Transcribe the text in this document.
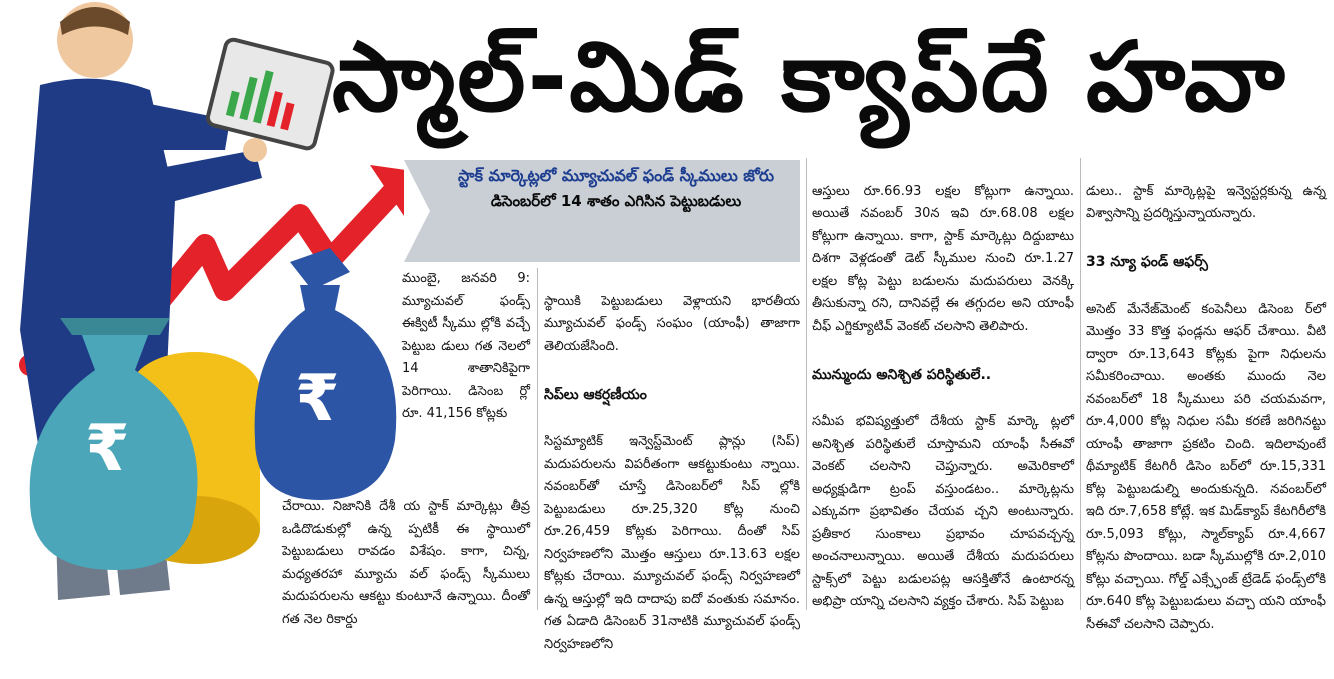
₹
₹
స్మాల్-మిడ్ క్యాప్‌దే హవా

స్టాక్ మార్కెట్లలో మ్యూచువల్ ఫండ్ స్కీములు జోరు

డిసెంబర్‌లో 14 శాతం ఎగిసిన పెట్టుబడులు

ముంబై, జనవరి 9: మ్యూచువల్ ఫండ్స్ ఈక్విటీ స్కీము ల్లోకి వచ్చే పెట్టుబ డులు గత నెలలో 14 శాతానికిపైగా పెరిగాయి. డిసెంబ ర్లో రూ. 41,156 కోట్లకు

చేరాయి. నిజానికి దేశీ య స్టాక్ మార్కెట్లు తీవ్ర ఒడిదొడుకుల్లో ఉన్న ప్పటికీ ఈ స్థాయిలో పెట్టుబడులు రావడం విశేషం. కాగా, చిన్న, మధ్యతరహా మ్యూచు వల్ ఫండ్స్ స్కీములు మదుపరులను ఆకట్టు కుంటూనే ఉన్నాయి. దీంతో గత నెల రికార్డు

స్థాయికి పెట్టుబడులు వెళ్లాయని భారతీయ మ్యూచువల్ ఫండ్స్ సంఘం (యాంఫీ) తాజాగా తెలియజేసింది.

సిప్‌లు ఆకర్షణీయం

సిస్టమ్యాటిక్ ఇన్వెస్ట్‌మెంట్ ప్లాన్లు (సిప్) మదుపరులను విపరీతంగా ఆకట్టుకుంటు న్నాయి. నవంబర్‌తో చూస్తే డిసెంబర్‌లో సిప్ ల్లోకి పెట్టుబడులు రూ.25,320 కోట్ల నుంచి రూ.26,459 కోట్లకు పెరిగాయి. దీంతో సిప్ నిర్వహణలోని మొత్తం ఆస్తులు రూ.13.63 లక్షల కోట్లకు చేరాయి. మ్యూచువల్ ఫండ్స్ నిర్వహణలో ఉన్న ఆస్తుల్లో ఇది దాదాపు ఐదో వంతుకు సమానం. గత ఏడాది డిసెంబర్ 31నాటికి మ్యూచువల్ ఫండ్స్ నిర్వహణలోని

ఆస్తులు రూ.66.93 లక్షల కోట్లుగా ఉన్నాయి. అయితే నవంబర్ 30న ఇవి రూ.68.08 లక్షల కోట్లుగా ఉన్నాయి. కాగా, స్టాక్ మార్కెట్లు దిద్దుబాటు దిశగా వెళ్లడంతో డెట్ స్కీముల నుంచి రూ.1.27 లక్షల కోట్ల పెట్టు బడులను మదుపరులు వెనక్కి తీసుకున్నా రని, దానివల్లే ఈ తగ్గుదల అని యాంఫీ చీఫ్ ఎగ్జిక్యూటివ్ వెంకట్ చలసాని తెలిపారు.

మున్ముందు అనిశ్చిత పరిస్థితులే..

సమీప భవిష్యత్తులో దేశీయ స్టాక్ మార్కె ట్లలో అనిశ్చిత పరిస్థితులే చూస్తామని యాంఫీ సీఈవో వెంకట్ చలసాని చెప్తున్నారు. అమెరికాలో అధ్యక్షుడిగా ట్రంప్ వస్తుండటం.. మార్కెట్లను ఎక్కువగా ప్రభావితం చేయవ చ్చని అంటున్నారు. ప్రతీకార సుంకాలు ప్రభావం చూపవచ్చన్న అంచనాలున్నాయి. అయితే దేశీయ మదుపరులు స్టాక్స్‌లో పెట్టు బడులపట్ల ఆసక్తితోనే ఉంటారన్న అభిప్రా యాన్ని చలసాని వ్యక్తం చేశారు. సిప్ పెట్టుబ

డులు.. స్టాక్ మార్కెట్లపై ఇన్వెస్టర్లకున్న ఉన్న విశ్వాసాన్ని ప్రదర్శిస్తున్నాయన్నారు.

33 న్యూ ఫండ్ ఆఫర్స్

అసెట్ మేనేజ్‌మెంట్ కంపెనీలు డిసెంబ ర్‌లో మొత్తం 33 కొత్త ఫండ్లను ఆఫర్ చేశాయి. వీటి ద్వారా రూ.13,643 కోట్లకు పైగా నిధులను సమీకరించాయి. అంతకు ముందు నెల నవంబర్‌లో 18 స్కీములు పరి చయమవగా, రూ.4,000 కోట్ల నిధుల సమీ కరణే జరిగినట్టు యాంఫీ తాజాగా ప్రకటిం చింది. ఇదిలావుంటే థీమ్యాటిక్ కేటగిరీ డిసెం బర్‌లో రూ.15,331 కోట్ల పెట్టుబడుల్ని అందుకున్నది. నవంబర్‌లో ఇది రూ.7,658 కోట్లే. ఇక మిడ్‌క్యాప్ కేటగిరీలోకి రూ.5,093 కోట్లు, స్మాల్‌క్యాప్ రూ.4,667 కోట్లను పొందాయి. బడా స్కీముల్లోకి రూ.2,010 కోట్లు వచ్చాయి. గోల్డ్ ఎక్స్ఛేంజ్ ట్రేడెడ్ ఫండ్స్‌లోకి రూ.640 కోట్ల పెట్టుబడులు వచ్చా యని యాంఫీ సీఈవో చలసాని చెప్పారు.
